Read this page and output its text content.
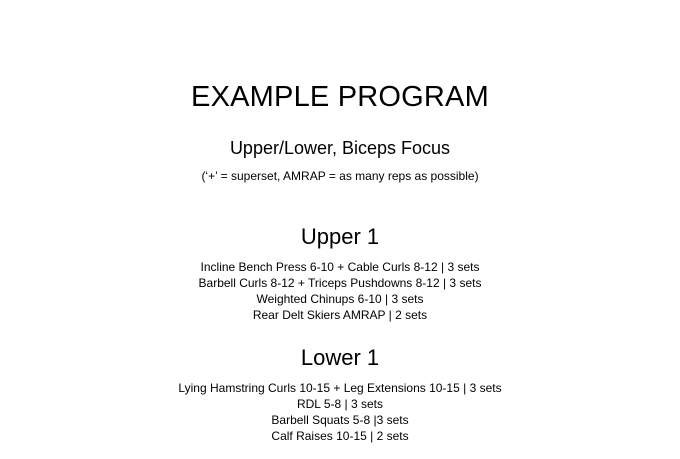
EXAMPLE PROGRAM
Upper/Lower, Biceps Focus
(‘+’ = superset, AMRAP = as many reps as possible)
Upper 1
Incline Bench Press 6-10 + Cable Curls 8-12 | 3 sets
Barbell Curls 8-12 + Triceps Pushdowns 8-12 | 3 sets
Weighted Chinups 6-10 | 3 sets
Rear Delt Skiers AMRAP | 2 sets
Lower 1
Lying Hamstring Curls 10-15 + Leg Extensions 10-15 | 3 sets
RDL 5-8 | 3 sets
Barbell Squats 5-8 |3 sets
Calf Raises 10-15 | 2 sets
